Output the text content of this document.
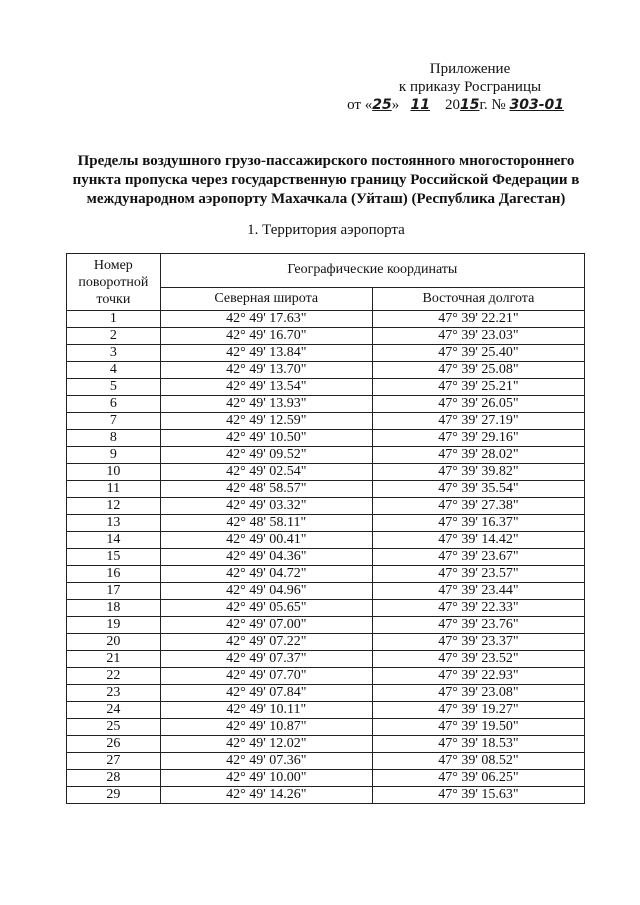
Приложение
к приказу Росграницы
от «25» 11 2015г. № 303-01
Пределы воздушного грузо-пассажирского постоянного многостороннего пункта пропуска через государственную границу Российской Федерации в международном аэропорту Махачкала (Уйташ) (Республика Дагестан)
1. Территория аэропорта
Номер поворотной точки	Географические координаты	
	Северная широта	Восточная долгота
1	42° 49' 17.63"	47° 39' 22.21"
2	42° 49' 16.70"	47° 39' 23.03"
3	42° 49' 13.84"	47° 39' 25.40"
4	42° 49' 13.70"	47° 39' 25.08"
5	42° 49' 13.54"	47° 39' 25.21"
6	42° 49' 13.93"	47° 39' 26.05"
7	42° 49' 12.59"	47° 39' 27.19"
8	42° 49' 10.50"	47° 39' 29.16"
9	42° 49' 09.52"	47° 39' 28.02"
10	42° 49' 02.54"	47° 39' 39.82"
11	42° 48' 58.57"	47° 39' 35.54"
12	42° 49' 03.32"	47° 39' 27.38"
13	42° 48' 58.11"	47° 39' 16.37"
14	42° 49' 00.41"	47° 39' 14.42"
15	42° 49' 04.36"	47° 39' 23.67"
16	42° 49' 04.72"	47° 39' 23.57"
17	42° 49' 04.96"	47° 39' 23.44"
18	42° 49' 05.65"	47° 39' 22.33"
19	42° 49' 07.00"	47° 39' 23.76"
20	42° 49' 07.22"	47° 39' 23.37"
21	42° 49' 07.37"	47° 39' 23.52"
22	42° 49' 07.70"	47° 39' 22.93"
23	42° 49' 07.84"	47° 39' 23.08"
24	42° 49' 10.11"	47° 39' 19.27"
25	42° 49' 10.87"	47° 39' 19.50"
26	42° 49' 12.02"	47° 39' 18.53"
27	42° 49' 07.36"	47° 39' 08.52"
28	42° 49' 10.00"	47° 39' 06.25"
29	42° 49' 14.26"	47° 39' 15.63"
